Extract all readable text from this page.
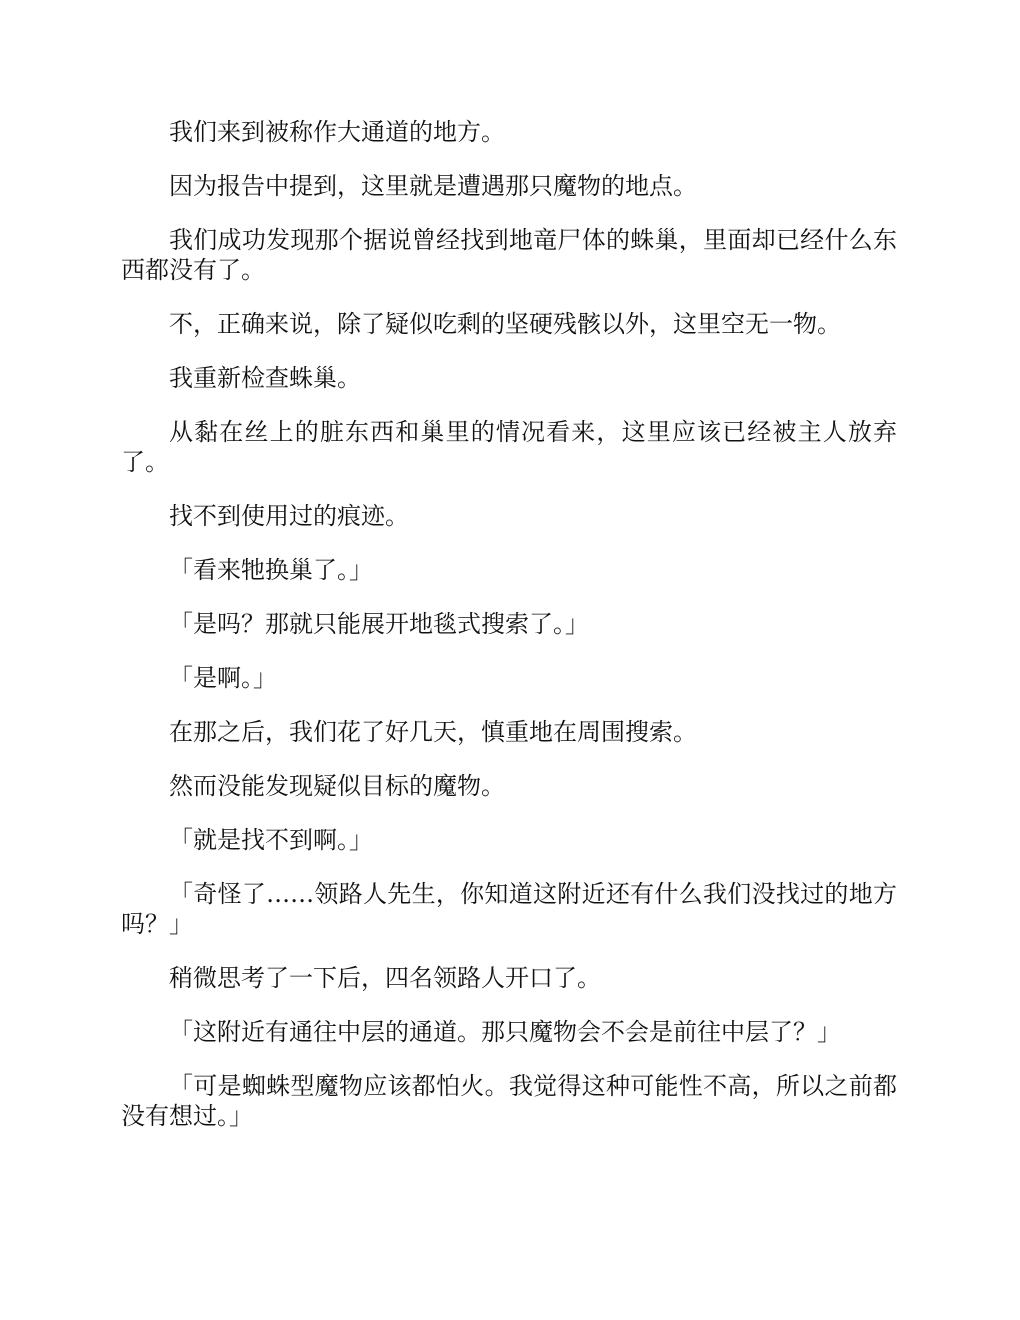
我们来到被称作大通道的地方。

因为报告中提到，这里就是遭遇那只魔物的地点。

我们成功发现那个据说曾经找到地竜尸体的蛛巢，里面却已经什么东西都没有了。

不，正确来说，除了疑似吃剩的坚硬残骸以外，这里空无一物。

我重新检查蛛巢。

从黏在丝上的脏东西和巢里的情况看来，这里应该已经被主人放弃了。

找不到使用过的痕迹。

「看来牠换巢了。」

「是吗？那就只能展开地毯式搜索了。」

「是啊。」

在那之后，我们花了好几天，慎重地在周围搜索。

然而没能发现疑似目标的魔物。

「就是找不到啊。」

「奇怪了……领路人先生，你知道这附近还有什么我们没找过的地方吗？」

稍微思考了一下后，四名领路人开口了。

「这附近有通往中层的通道。那只魔物会不会是前往中层了？」

「可是蜘蛛型魔物应该都怕火。我觉得这种可能性不高，所以之前都没有想过。」
